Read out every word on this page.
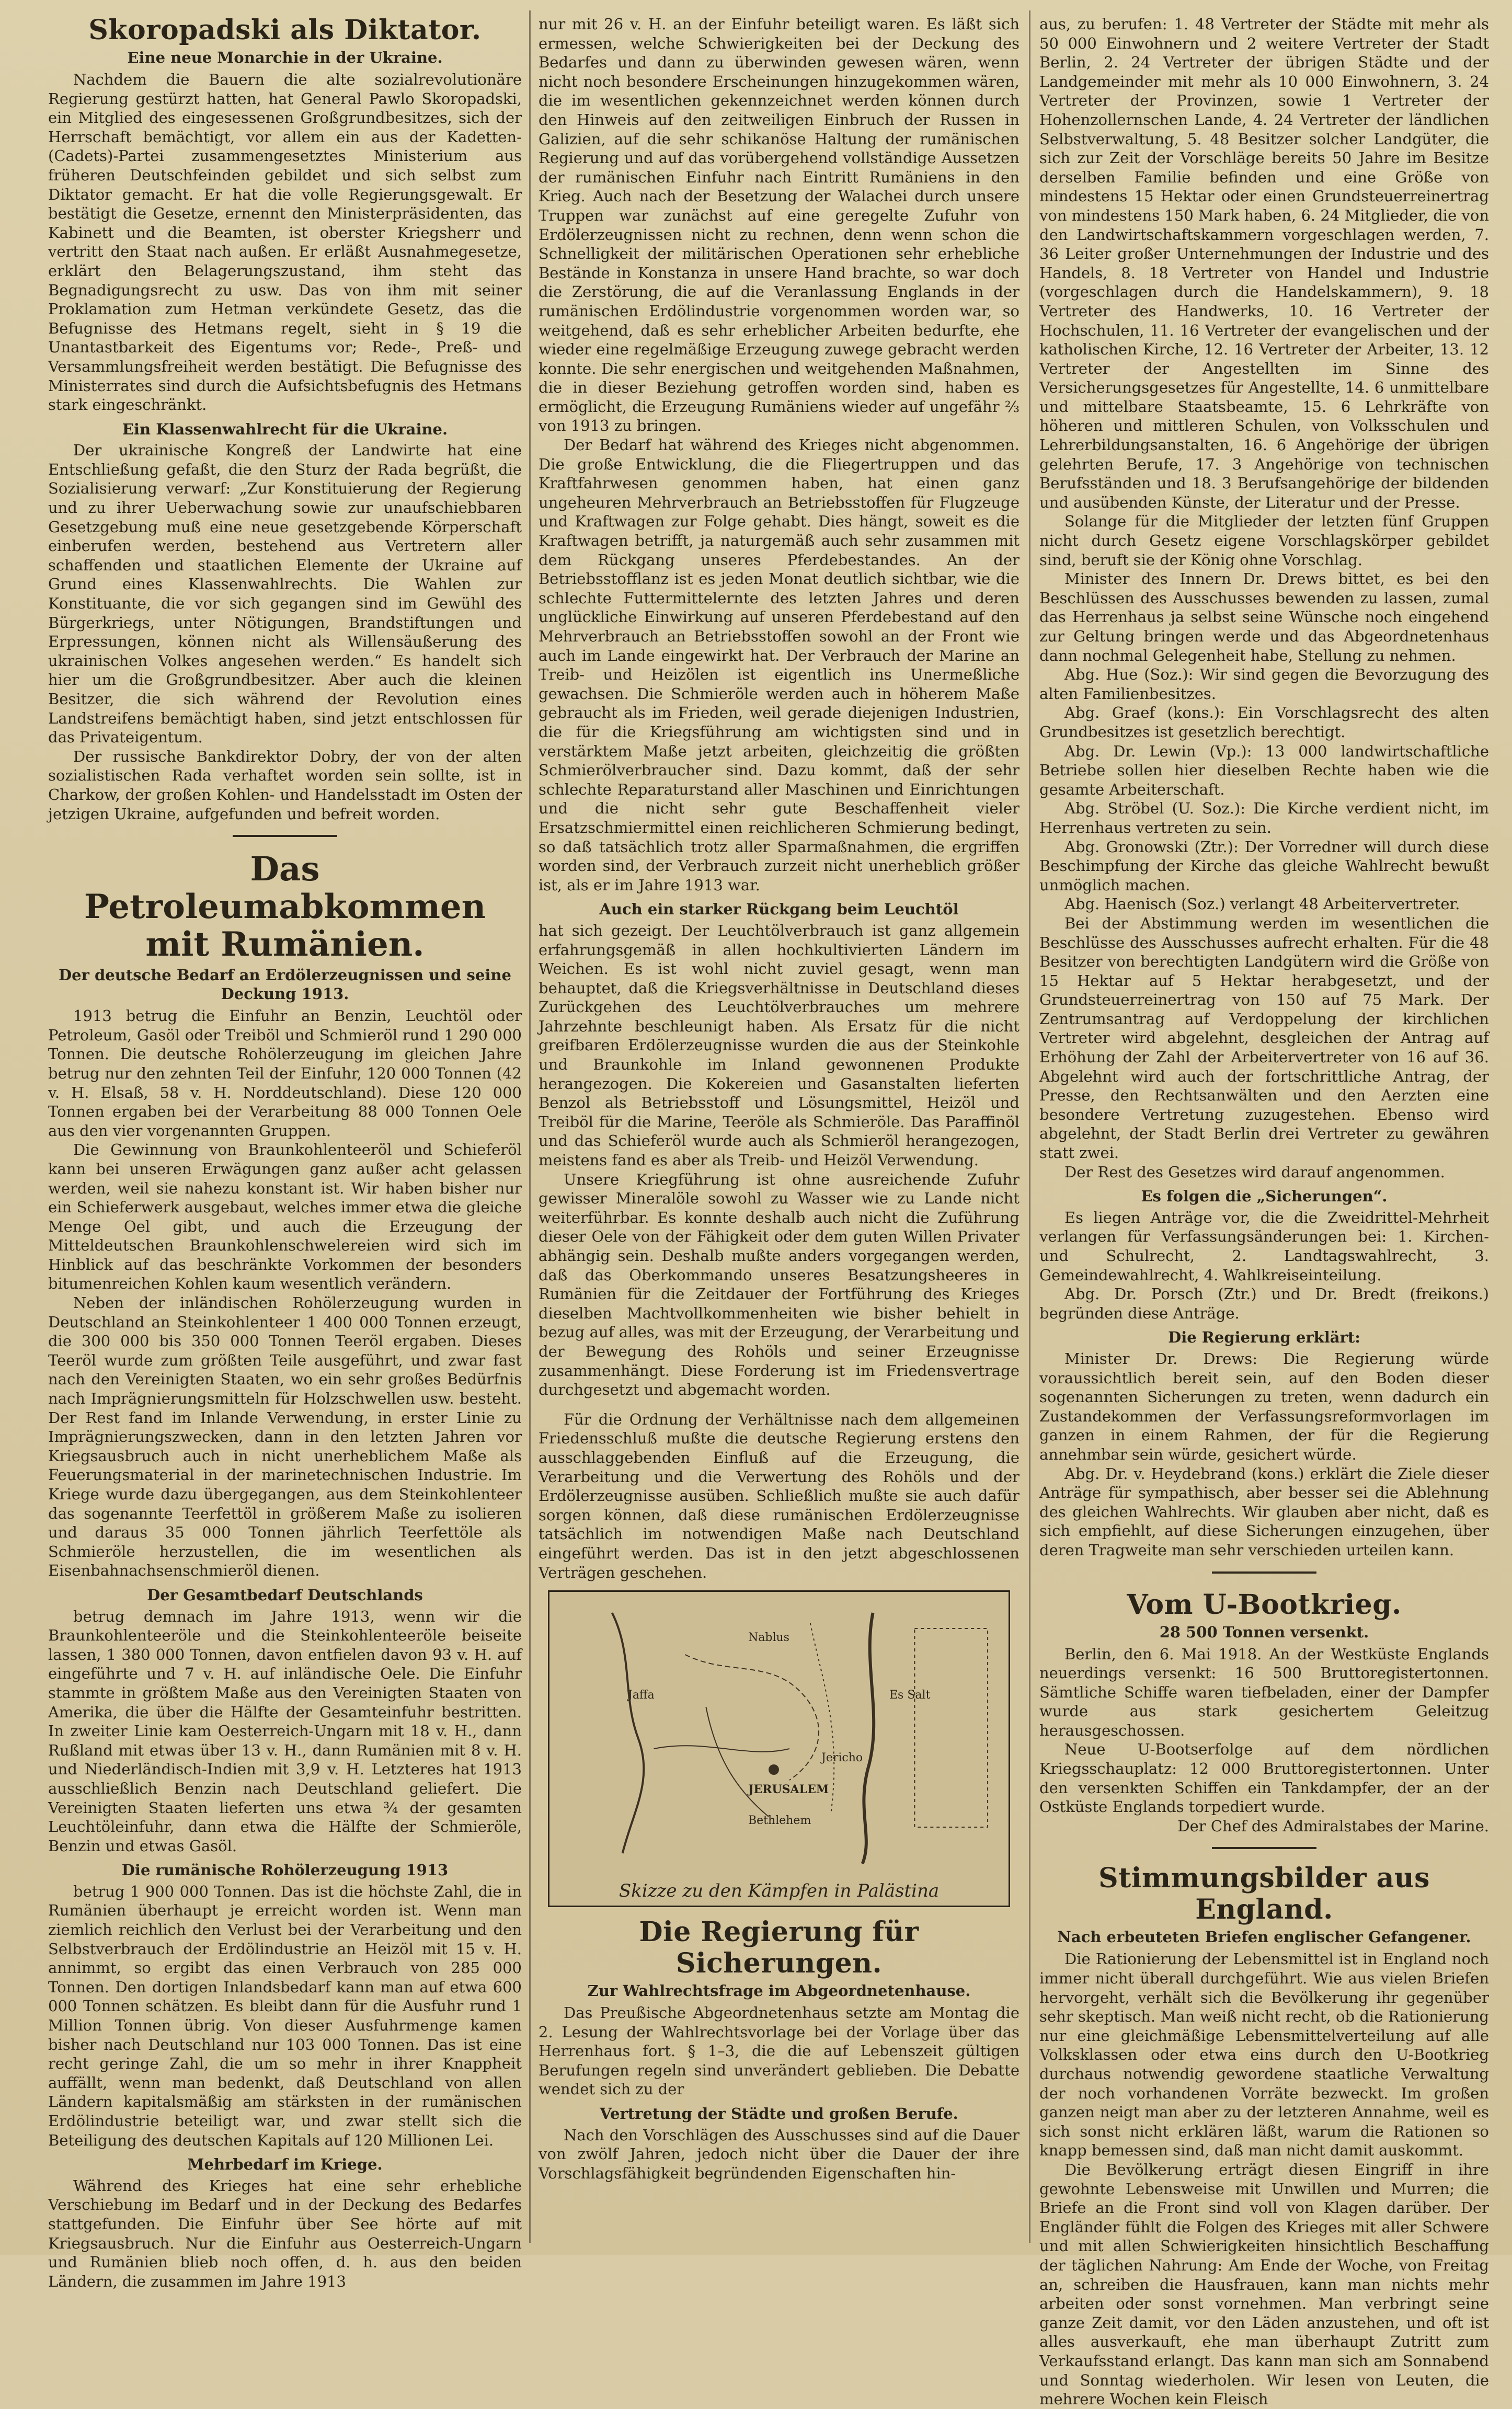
Skoropadski als Diktator.
Eine neue Monarchie in der Ukraine.

Nachdem die Bauern die alte sozialrevolutionäre Regierung gestürzt hatten, hat General Pawlo Skoropadski, ein Mitglied des eingesessenen Großgrundbesitzes, sich der Herrschaft bemächtigt, vor allem ein aus der Kadetten-(Cadets)-Partei zusammengesetztes Ministerium aus früheren Deutschfeinden gebildet und sich selbst zum Diktator gemacht. Er hat die volle Regierungsgewalt. Er bestätigt die Gesetze, ernennt den Ministerpräsidenten, das Kabinett und die Beamten, ist oberster Kriegsherr und vertritt den Staat nach außen. Er erläßt Ausnahmegesetze, erklärt den Belagerungszustand, ihm steht das Begnadigungsrecht zu usw. Das von ihm mit seiner Proklamation zum Hetman verkündete Gesetz, das die Befugnisse des Hetmans regelt, sieht in § 19 die Unantastbarkeit des Eigentums vor; Rede-, Preß- und Versammlungsfreiheit werden bestätigt. Die Befugnisse des Ministerrates sind durch die Aufsichtsbefugnis des Hetmans stark eingeschränkt.

Ein Klassenwahlrecht für die Ukraine.

Der ukrainische Kongreß der Landwirte hat eine Entschließung gefaßt, die den Sturz der Rada begrüßt, die Sozialisierung verwarf: „Zur Konstituierung der Regierung und zu ihrer Ueberwachung sowie zur unaufschiebbaren Gesetzgebung muß eine neue gesetzgebende Körperschaft einberufen werden, bestehend aus Vertretern aller schaffenden und staatlichen Elemente der Ukraine auf Grund eines Klassenwahlrechts. Die Wahlen zur Konstituante, die vor sich gegangen sind im Gewühl des Bürgerkriegs, unter Nötigungen, Brandstiftungen und Erpressungen, können nicht als Willensäußerung des ukrainischen Volkes angesehen werden.“ Es handelt sich hier um die Großgrundbesitzer. Aber auch die kleinen Besitzer, die sich während der Revolution eines Landstreifens bemächtigt haben, sind jetzt entschlossen für das Privateigentum.

Der russische Bankdirektor Dobry, der von der alten sozialistischen Rada verhaftet worden sein sollte, ist in Charkow, der großen Kohlen- und Handelsstadt im Osten der jetzigen Ukraine, aufgefunden und befreit worden.

Das Petroleumabkommen mit Rumänien.
Der deutsche Bedarf an Erdölerzeugnissen und seine Deckung 1913.

1913 betrug die Einfuhr an Benzin, Leuchtöl oder Petroleum, Gasöl oder Treiböl und Schmieröl rund 1 290 000 Tonnen. Die deutsche Rohölerzeugung im gleichen Jahre betrug nur den zehnten Teil der Einfuhr, 120 000 Tonnen (42 v. H. Elsaß, 58 v. H. Norddeutschland). Diese 120 000 Tonnen ergaben bei der Verarbeitung 88 000 Tonnen Oele aus den vier vorgenannten Gruppen.

Die Gewinnung von Braunkohlenteeröl und Schieferöl kann bei unseren Erwägungen ganz außer acht gelassen werden, weil sie nahezu konstant ist. Wir haben bisher nur ein Schieferwerk ausgebaut, welches immer etwa die gleiche Menge Oel gibt, und auch die Erzeugung der Mitteldeutschen Braunkohlenschwelereien wird sich im Hinblick auf das beschränkte Vorkommen der besonders bitumenreichen Kohlen kaum wesentlich verändern.

Neben der inländischen Rohölerzeugung wurden in Deutschland an Steinkohlenteer 1 400 000 Tonnen erzeugt, die 300 000 bis 350 000 Tonnen Teeröl ergaben. Dieses Teeröl wurde zum größten Teile ausgeführt, und zwar fast nach den Vereinigten Staaten, wo ein sehr großes Bedürfnis nach Imprägnierungsmitteln für Holzschwellen usw. besteht. Der Rest fand im Inlande Verwendung, in erster Linie zu Imprägnierungszwecken, dann in den letzten Jahren vor Kriegsausbruch auch in nicht unerheblichem Maße als Feuerungsmaterial in der marinetechnischen Industrie. Im Kriege wurde dazu übergegangen, aus dem Steinkohlenteer das sogenannte Teerfettöl in größerem Maße zu isolieren und daraus 35 000 Tonnen jährlich Teerfettöle als Schmieröle herzustellen, die im wesentlichen als Eisenbahnachsenschmieröl dienen.

Der Gesamtbedarf Deutschlands

betrug demnach im Jahre 1913, wenn wir die Braunkohlenteeröle und die Steinkohlenteeröle beiseite lassen, 1 380 000 Tonnen, davon entfielen davon 93 v. H. auf eingeführte und 7 v. H. auf inländische Oele. Die Einfuhr stammte in größtem Maße aus den Vereinigten Staaten von Amerika, die über die Hälfte der Gesamteinfuhr bestritten. In zweiter Linie kam Oesterreich-Ungarn mit 18 v. H., dann Rußland mit etwas über 13 v. H., dann Rumänien mit 8 v. H. und Niederländisch-Indien mit 3,9 v. H. Letzteres hat 1913 ausschließlich Benzin nach Deutschland geliefert. Die Vereinigten Staaten lieferten uns etwa ¾ der gesamten Leuchtöleinfuhr, dann etwa die Hälfte der Schmieröle, Benzin und etwas Gasöl.

Die rumänische Rohölerzeugung 1913

betrug 1 900 000 Tonnen. Das ist die höchste Zahl, die in Rumänien überhaupt je erreicht worden ist. Wenn man ziemlich reichlich den Verlust bei der Verarbeitung und den Selbstverbrauch der Erdölindustrie an Heizöl mit 15 v. H. annimmt, so ergibt das einen Verbrauch von 285 000 Tonnen. Den dortigen Inlandsbedarf kann man auf etwa 600 000 Tonnen schätzen. Es bleibt dann für die Ausfuhr rund 1 Million Tonnen übrig. Von dieser Ausfuhrmenge kamen bisher nach Deutschland nur 103 000 Tonnen. Das ist eine recht geringe Zahl, die um so mehr in ihrer Knappheit auffällt, wenn man bedenkt, daß Deutschland von allen Ländern kapitalsmäßig am stärksten in der rumänischen Erdölindustrie beteiligt war, und zwar stellt sich die Beteiligung des deutschen Kapitals auf 120 Millionen Lei.

Mehrbedarf im Kriege.

Während des Krieges hat eine sehr erhebliche Verschiebung im Bedarf und in der Deckung des Bedarfes stattgefunden. Die Einfuhr über See hörte auf mit Kriegsausbruch. Nur die Einfuhr aus Oesterreich-Ungarn und Rumänien blieb noch offen, d. h. aus den beiden Ländern, die zusammen im Jahre 1913

nur mit 26 v. H. an der Einfuhr beteiligt waren. Es läßt sich ermessen, welche Schwierigkeiten bei der Deckung des Bedarfes und dann zu überwinden gewesen wären, wenn nicht noch besondere Erscheinungen hinzugekommen wären, die im wesentlichen gekennzeichnet werden können durch den Hinweis auf den zeitweiligen Einbruch der Russen in Galizien, auf die sehr schikanöse Haltung der rumänischen Regierung und auf das vorübergehend vollständige Aussetzen der rumänischen Einfuhr nach Eintritt Rumäniens in den Krieg. Auch nach der Besetzung der Walachei durch unsere Truppen war zunächst auf eine geregelte Zufuhr von Erdölerzeugnissen nicht zu rechnen, denn wenn schon die Schnelligkeit der militärischen Operationen sehr erhebliche Bestände in Konstanza in unsere Hand brachte, so war doch die Zerstörung, die auf die Veranlassung Englands in der rumänischen Erdölindustrie vorgenommen worden war, so weitgehend, daß es sehr erheblicher Arbeiten bedurfte, ehe wieder eine regelmäßige Erzeugung zuwege gebracht werden konnte. Die sehr energischen und weitgehenden Maßnahmen, die in dieser Beziehung getroffen worden sind, haben es ermöglicht, die Erzeugung Rumäniens wieder auf ungefähr ⅔ von 1913 zu bringen.

Der Bedarf hat während des Krieges nicht abgenommen. Die große Entwicklung, die die Fliegertruppen und das Kraftfahrwesen genommen haben, hat einen ganz ungeheuren Mehrverbrauch an Betriebsstoffen für Flugzeuge und Kraftwagen zur Folge gehabt. Dies hängt, soweit es die Kraftwagen betrifft, ja naturgemäß auch sehr zusammen mit dem Rückgang unseres Pferdebestandes. An der Betriebsstofflanz ist es jeden Monat deutlich sichtbar, wie die schlechte Futtermittelernte des letzten Jahres und deren unglückliche Einwirkung auf unseren Pferdebestand auf den Mehrverbrauch an Betriebsstoffen sowohl an der Front wie auch im Lande eingewirkt hat. Der Verbrauch der Marine an Treib- und Heizölen ist eigentlich ins Unermeßliche gewachsen. Die Schmieröle werden auch in höherem Maße gebraucht als im Frieden, weil gerade diejenigen Industrien, die für die Kriegsführung am wichtigsten sind und in verstärktem Maße jetzt arbeiten, gleichzeitig die größten Schmierölverbraucher sind. Dazu kommt, daß der sehr schlechte Reparaturstand aller Maschinen und Einrichtungen und die nicht sehr gute Beschaffenheit vieler Ersatzschmiermittel einen reichlicheren Schmierung bedingt, so daß tatsächlich trotz aller Sparmaßnahmen, die ergriffen worden sind, der Verbrauch zurzeit nicht unerheblich größer ist, als er im Jahre 1913 war.

Auch ein starker Rückgang beim Leuchtöl

hat sich gezeigt. Der Leuchtölverbrauch ist ganz allgemein erfahrungsgemäß in allen hochkultivierten Ländern im Weichen. Es ist wohl nicht zuviel gesagt, wenn man behauptet, daß die Kriegsverhältnisse in Deutschland dieses Zurückgehen des Leuchtölverbrauches um mehrere Jahrzehnte beschleunigt haben. Als Ersatz für die nicht greifbaren Erdölerzeugnisse wurden die aus der Steinkohle und Braunkohle im Inland gewonnenen Produkte herangezogen. Die Kokereien und Gasanstalten lieferten Benzol als Betriebsstoff und Lösungsmittel, Heizöl und Treiböl für die Marine, Teeröle als Schmieröle. Das Paraffinöl und das Schieferöl wurde auch als Schmieröl herangezogen, meistens fand es aber als Treib- und Heizöl Verwendung.

Unsere Kriegführung ist ohne ausreichende Zufuhr gewisser Mineralöle sowohl zu Wasser wie zu Lande nicht weiterführbar. Es konnte deshalb auch nicht die Zuführung dieser Oele von der Fähigkeit oder dem guten Willen Privater abhängig sein. Deshalb mußte anders vorgegangen werden, daß das Oberkommando unseres Besatzungsheeres in Rumänien für die Zeitdauer der Fortführung des Krieges dieselben Machtvollkommenheiten wie bisher behielt in bezug auf alles, was mit der Erzeugung, der Verarbeitung und der Bewegung des Rohöls und seiner Erzeugnisse zusammenhängt. Diese Forderung ist im Friedensvertrage durchgesetzt und abgemacht worden.

Für die Ordnung der Verhältnisse nach dem allgemeinen Friedensschluß mußte die deutsche Regierung erstens den ausschlaggebenden Einfluß auf die Erzeugung, die Verarbeitung und die Verwertung des Rohöls und der Erdölerzeugnisse ausüben. Schließlich mußte sie auch dafür sorgen können, daß diese rumänischen Erdölerzeugnisse tatsächlich im notwendigen Maße nach Deutschland eingeführt werden. Das ist in den jetzt abgeschlossenen Verträgen geschehen.

Nablus
Jaffa	Es Salt
JERUSALEM
Jericho
Bethlehem
Skizze zu den Kämpfen in Palästina
Die Regierung für Sicherungen.
Zur Wahlrechtsfrage im Abgeordnetenhause.

Das Preußische Abgeordnetenhaus setzte am Montag die 2. Lesung der Wahlrechtsvorlage bei der Vorlage über das Herrenhaus fort. § 1–3, die die auf Lebenszeit gültigen Berufungen regeln sind unverändert geblieben. Die Debatte wendet sich zu der

Vertretung der Städte und großen Berufe.

Nach den Vorschlägen des Ausschusses sind auf die Dauer von zwölf Jahren, jedoch nicht über die Dauer der ihre Vorschlagsfähigkeit begründenden Eigenschaften hin-

aus, zu berufen: 1. 48 Vertreter der Städte mit mehr als 50 000 Einwohnern und 2 weitere Vertreter der Stadt Berlin, 2. 24 Vertreter der übrigen Städte und der Landgemeinder mit mehr als 10 000 Einwohnern, 3. 24 Vertreter der Provinzen, sowie 1 Vertreter der Hohenzollernschen Lande, 4. 24 Vertreter der ländlichen Selbstverwaltung, 5. 48 Besitzer solcher Landgüter, die sich zur Zeit der Vorschläge bereits 50 Jahre im Besitze derselben Familie befinden und eine Größe von mindestens 15 Hektar oder einen Grundsteuerreinertrag von mindestens 150 Mark haben, 6. 24 Mitglieder, die von den Landwirtschaftskammern vorgeschlagen werden, 7. 36 Leiter großer Unternehmungen der Industrie und des Handels, 8. 18 Vertreter von Handel und Industrie (vorgeschlagen durch die Handelskammern), 9. 18 Vertreter des Handwerks, 10. 16 Vertreter der Hochschulen, 11. 16 Vertreter der evangelischen und der katholischen Kirche, 12. 16 Vertreter der Arbeiter, 13. 12 Vertreter der Angestellten im Sinne des Versicherungsgesetzes für Angestellte, 14. 6 unmittelbare und mittelbare Staatsbeamte, 15. 6 Lehrkräfte von höheren und mittleren Schulen, von Volksschulen und Lehrerbildungsanstalten, 16. 6 Angehörige der übrigen gelehrten Berufe, 17. 3 Angehörige von technischen Berufsständen und 18. 3 Berufsangehörige der bildenden und ausübenden Künste, der Literatur und der Presse.

Solange für die Mitglieder der letzten fünf Gruppen nicht durch Gesetz eigene Vorschlagskörper gebildet sind, beruft sie der König ohne Vorschlag.

Minister des Innern Dr. Drews bittet, es bei den Beschlüssen des Ausschusses bewenden zu lassen, zumal das Herrenhaus ja selbst seine Wünsche noch eingehend zur Geltung bringen werde und das Abgeordnetenhaus dann nochmal Gelegenheit habe, Stellung zu nehmen.

Abg. Hue (Soz.): Wir sind gegen die Bevorzugung des alten Familienbesitzes.

Abg. Graef (kons.): Ein Vorschlagsrecht des alten Grundbesitzes ist gesetzlich berechtigt.

Abg. Dr. Lewin (Vp.): 13 000 landwirtschaftliche Betriebe sollen hier dieselben Rechte haben wie die gesamte Arbeiterschaft.

Abg. Ströbel (U. Soz.): Die Kirche verdient nicht, im Herrenhaus vertreten zu sein.

Abg. Gronowski (Ztr.): Der Vorredner will durch diese Beschimpfung der Kirche das gleiche Wahlrecht bewußt unmöglich machen.

Abg. Haenisch (Soz.) verlangt 48 Arbeitervertreter.

Bei der Abstimmung werden im wesentlichen die Beschlüsse des Ausschusses aufrecht erhalten. Für die 48 Besitzer von berechtigten Landgütern wird die Größe von 15 Hektar auf 5 Hektar herabgesetzt, und der Grundsteuerreinertrag von 150 auf 75 Mark. Der Zentrumsantrag auf Verdoppelung der kirchlichen Vertreter wird abgelehnt, desgleichen der Antrag auf Erhöhung der Zahl der Arbeitervertreter von 16 auf 36. Abgelehnt wird auch der fortschrittliche Antrag, der Presse, den Rechtsanwälten und den Aerzten eine besondere Vertretung zuzugestehen. Ebenso wird abgelehnt, der Stadt Berlin drei Vertreter zu gewähren statt zwei.

Der Rest des Gesetzes wird darauf angenommen.

Es folgen die „Sicherungen“.

Es liegen Anträge vor, die die Zweidrittel-Mehrheit verlangen für Verfassungsänderungen bei: 1. Kirchen- und Schulrecht, 2. Landtagswahlrecht, 3. Gemeindewahlrecht, 4. Wahlkreiseinteilung.

Abg. Dr. Porsch (Ztr.) und Dr. Bredt (freikons.) begründen diese Anträge.

Die Regierung erklärt:

Minister Dr. Drews: Die Regierung würde voraussichtlich bereit sein, auf den Boden dieser sogenannten Sicherungen zu treten, wenn dadurch ein Zustandekommen der Verfassungsreformvorlagen im ganzen in einem Rahmen, der für die Regierung annehmbar sein würde, gesichert würde.

Abg. Dr. v. Heydebrand (kons.) erklärt die Ziele dieser Anträge für sympathisch, aber besser sei die Ablehnung des gleichen Wahlrechts. Wir glauben aber nicht, daß es sich empfiehlt, auf diese Sicherungen einzugehen, über deren Tragweite man sehr verschieden urteilen kann.

Vom U-Bootkrieg.
28 500 Tonnen versenkt.

Berlin, den 6. Mai 1918. An der Westküste Englands neuerdings versenkt: 16 500 Bruttoregistertonnen. Sämtliche Schiffe waren tiefbeladen, einer der Dampfer wurde aus stark gesichertem Geleitzug herausgeschossen.

Neue U-Bootserfolge auf dem nördlichen Kriegsschauplatz: 12 000 Bruttoregistertonnen. Unter den versenkten Schiffen ein Tankdampfer, der an der Ostküste Englands torpediert wurde.

Der Chef des Admiralstabes der Marine.

Stimmungsbilder aus England.
Nach erbeuteten Briefen englischer Gefangener.

Die Rationierung der Lebensmittel ist in England noch immer nicht überall durchgeführt. Wie aus vielen Briefen hervorgeht, verhält sich die Bevölkerung ihr gegenüber sehr skeptisch. Man weiß nicht recht, ob die Rationierung nur eine gleichmäßige Lebensmittelverteilung auf alle Volksklassen oder etwa eins durch den U-Bootkrieg durchaus notwendig gewordene staatliche Verwaltung der noch vorhandenen Vorräte bezweckt. Im großen ganzen neigt man aber zu der letzteren Annahme, weil es sich sonst nicht erklären läßt, warum die Rationen so knapp bemessen sind, daß man nicht damit auskommt.

Die Bevölkerung erträgt diesen Eingriff in ihre gewohnte Lebensweise mit Unwillen und Murren; die Briefe an die Front sind voll von Klagen darüber. Der Engländer fühlt die Folgen des Krieges mit aller Schwere und mit allen Schwierigkeiten hinsichtlich Beschaffung der täglichen Nahrung: Am Ende der Woche, von Freitag an, schreiben die Hausfrauen, kann man nichts mehr arbeiten oder sonst vornehmen. Man verbringt seine ganze Zeit damit, vor den Läden anzustehen, und oft ist alles ausverkauft, ehe man überhaupt Zutritt zum Verkaufsstand erlangt. Das kann man sich am Sonnabend und Sonntag wiederholen. Wir lesen von Leuten, die mehrere Wochen kein Fleisch
